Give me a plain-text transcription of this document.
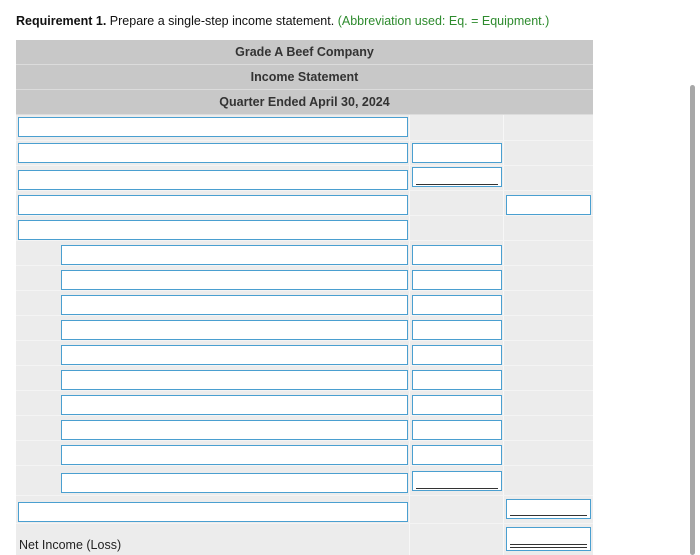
Requirement 1. Prepare a single-step income statement. (Abbreviation used: Eq. = Equipment.)
Grade A Beef Company
Income Statement
Quarter Ended April 30, 2024
Net Income (Loss)
